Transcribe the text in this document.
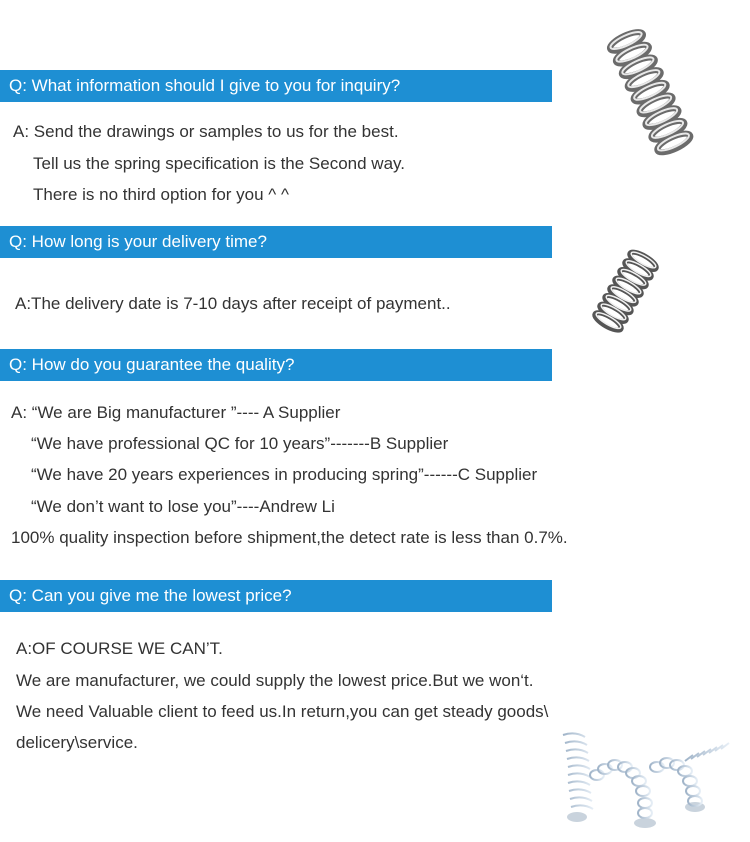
Q: What information should I give to you for inquiry?
A: Send the drawings or samples to us for the best.
Tell us the spring specification is the Second way.
There is no third option for you ^ ^
Q: How long is your delivery time?
A:The delivery date is 7-10 days after receipt of payment..
Q: How do you guarantee the quality?
A: “We are Big manufacturer ”---- A Supplier
“We have professional QC for 10 years”-------B Supplier
“We have 20 years experiences in producing spring”------C Supplier
“We don’t want to lose you”----Andrew Li
100% quality inspection before shipment,the detect rate is less than 0.7%.
Q: Can you give me the lowest price?
A:OF COURSE WE CAN’T.
We are manufacturer, we could supply the lowest price.But we won‘t.
We need Valuable client to feed us.In return,you can get steady goods\
delicery\service.
